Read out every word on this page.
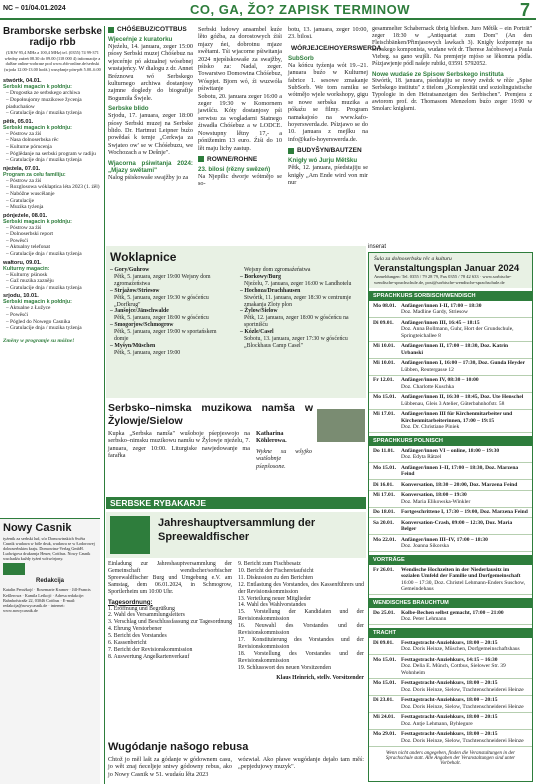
NC – 01/04.01.2024	CO, GA, ŽO? ZAPISK TERMINOW	7
Bramborske serbske radijo rbb
(UKW 95,4 MHz a 100,4 MHz) tel. (0355) 74 99-371 wšedny zaźeń 08.30 do 09.00 (118 000 4) informacije a dalšne online-wobrase pod www.rbb-online.de/serbski (srjoda 12.00-13.00 hodź.) wusyłanje pón-pět 5.00–6.00
stwórtk, 04.01.
Serbski magacin k połdnju:
– Drogostka ze serbskego archiwa
– Dopołnujomy muzikowe žycenja piaduchańow
– Gratulacije dnja / muzika tyźenja
pětk, 05.01.
Serbski magacin k połdnju:
– Póstrow za źiś
– Nasa dolnoserbska rěc
– Kulturne pórucenja
– Póglědanje na serbski program w radiju
– Gratulacije dnja / muzika tyźenja
njeźela, 07.01.
Program za cełu familiju:
– Póstrow za źiś
– Rozglosowa wóklaptica léta 2023 (1. źěl)
– Nabóžne wuscělanje
– Gratulacije
– Muzika tyźenja
pónjeźele, 08.01.
Serbski magacin k połdnju:
– Póstrow za źiś
– Dolnoserbski report
– Powěsći
– Aktualny telefonat
– Gratulacije dnja / muzika tyźenja
wałtoru, 09.01.
Kulturny magacin:
– Kulturny pśinosk
– Gaž muzika zazněju
– Gratulacije dnja / muzika tyźenja
srjodu, 10.01.
Serbski magacin k połdnju:
– Aktualne z Łužyce
– Powěsći
– Pógled do Nowego Casnika
– Gratulacije dnja / muzika tyźenja
Změny w programje su móžne!
Nowy Casnik
tyźenik za serbski lud, sćo Domowinskich Swěta Casnik wudawa w bóle druk, wudawa se w Łodorowej dolnoserbskim kraju. Domowina-Verlag GmbH. Ludwigova drukarnja Heuer, Cottbus. Nowy Casnik wuchadźa kuždy tyźeń wótwórjony.
Redakcija
Katalin Peroźkojć · Rosemarie Kramer · Jill-Francis Keßlerowa · Kamila Leśkojć · Adresa redakcije: Bahnhofstraße 22, 03046 Cottbus · E-mail: redakcija@nowycasnik.de · internet: www.nowycasnik.de
CHÓŚEBUZ/COTTBUS
Wjeceŕnje z kuratorku
Njeźelu, 14. januara, zeger 15:00 pśosy Serbski muzej Chóśebuz na wjeceŕnje pó aktualnej wósebnej wustajeńcy. W dialogu z dr. Annet Bréznowu wó Serbskego kulturnego archiwa dostanjosy zajmne dogledy do biografije Bogumiła Šwjele.
Serbske blido
Srjodu, 17. januara, zeger 18:00 pśosy Serbski muzej na Serbske blido. Dr. Hartmut Leipner buźo powědaś k temje „Cerkwja za Swjateo ow' se w Chóśebuzu, we Wochozach a w Dešnje".
Wjacorna pśiwitanja 2024: „Mjazy swětami"
Nalog pśiskowaše swajžby jo za
Serbski ludowy ansambel kuźe lěto góźba, za dorostowych źiśi mjazy ńei, dobrotnu mjaze swětami. Tśi wjacorne pśiwitanja 2024 njepśiskowaše za swajžby, pśisko za: Nadal, zeger. Towarstwo Domowina Chóśebuz, Wóspjet. Bjorn wó, źi wuzwóla pśiwitanje
Sobotu, 20. januara zeger 16:00 a zeger 19:30 w Komornem jawišću. Kóty dostanjosy pśi serwisu za wogladarni Statnego źiwadła Chóśebuz a w LODCE. Nowstupny lětny 17,- a pónižemim 13 euro. Źiśi do 10 lět maju lichy zastup.
ROWNE/ROHNE
23. bilosi (rězny swězeń)
Na Njepilic dworje wótmějo se so-
botu, 13. januara, zeger 10:00, 23. bilosi.
WÓRJEJCE/HOYERSWERDA
SubSorb
Na kóńcu tyźenja wót 19.–21. januara buźo w Kulturnej fabrice 1. sesowe zmakanje SubSorb. We tom ramiku se wótmějo wjele workshopy, gigu se nowe serbska muzika a pókaźu se filmy. Program namakajośo na www.kafo-hoyerswerda.de. Pśizjawo se do 10. januara z mejlku na info@kafo-hoyerswerda.de.
BUDYŠYN/BAUTZEN
Knigły wó Jurju Mětšku
Pětk, 12. januara, pśedstajiju se knigły „Am Ende wird von mir nur
gesammelter Schabernack übrig bleiben. Juro Mětšk – ein Porträt" zeger 18:30 w „Antiquariat zum Dom" (An den Fleischbänken/Přimjasowych lawkach 3). Knigły koźpomnje na serbskego komponista, wudane wót dr. Therese Jaćobsowej a Paula Viebeg. sa gano wujšli. Na premjerje mjóso se lěkomna pódla. Pśizjawjenje pódl našeje rubiki, 03591 5792052.
Nowe wudaśe ze Spisow Serbskego instituta
Stwórtk, 18. januara, pśedstajiju se nowy zwězk w rěźe „Spise Serbskego institutu" z titelom „Komplexität und soziolinguistische Typologie in den Heiratsanzeigen des Serbischen". Premjera z awtorom prof. dr. Thomasom Menzelom buźo zeger 19:00 w Smolarc knigłarni.
inserat
Šula za dolnoserbsku rěc a kulturu
Veranstaltungsplan Januar 2024
Anmeldungen: Tel. 0355 / 79 28 79, Fax 0355 / 78 42 633 · www.sorbische-wendische-sprachschule.de, post@sorbische-wendische-sprachschule.de
SPRACHKURS SORBISCH/WENDISCH
Mo 08.01. Anfänger/innen I-II, 17:00 – 18:30
Doz. Madline Gardy, Striesow
Di 09.01.	Anfänger/innen III, 16:45 – 18:15
Doz. Anna Bollmann, Guhr, Hort der Grundschule, Springteichallee 8
Mi 10.01.	Anfänger/innen II, 17:00 – 18:30, Doz. Katrin Urbanski
Mi 10.01.	Anfänger/innen I, 16:00 – 17:30, Doz. Gunda Heyder
Lübben, Reutergasse 12
Fr 12.01.	Anfänger/innen IV, 08:30 – 10:00
Doz. Charlotte Kuschka
Mo 15.01. Anfänger/innen II, 16:30 – 18:45, Doz. Ute Henschel
Lübbenau, Gleis 3 Atelier, Güterbahnhofstr. 58
Mi 17.01.	Anfänger/innen III für Kirchenmitarbeiter und Kirchenmitarbeiterinnen, 17:00 – 19:15
Doz. Dr. Christiane Piniek
SPRACHKURS POLNISCH
Do 11.01.	Anfänger/innen VI – online, 18:00 – 19:30
Doz. Edyta Rätzel
Mo 15.01. Anfänger/innen I–II, 17:00 – 18:30, Doz. Marzena Feind
Di 16.01.	Konversation, 18:30 – 20:00, Doz. Marzena Feind
Mi 17.01.	Konversation, 18:00 – 19:30
Doz. Maria Elikowska-Winkler
Do 18.01.	Fortgeschrittene I, 17:30 – 19:00, Doz. Marzena Feind
Sa 20.01.	Konversation-Crash, 09:00 – 12:30, Doz. Maria Belger
Mo 22.01. Anfänger/innen III–IV, 17:00 – 18:30
Doz. Joanna Sikorska
VORTRÄGE
Fr 26.01.	Wendische Hochzeiten in der Niederlausitz im sozialen Umfeld der Familie und Dorfgemeinschaft
16:00 – 17:30, Doz. Christel Lehmann-Enders Suschow, Gemeindehaus
WENDISCHES BRAUCHTUM
Do 25.01.	Kolbe-Bechen selbst gemacht, 17:00 – 21:00
Doz. Peter Lehmann
TRACHT
Di 09.01.	Festtagstracht-Anziehkurs, 18:00 – 20:15
Doz. Doris Heinze, Müschen, Dorfgemeinschaftshaus
Mo 15.01. Festtagstracht-Anziehkurs, 14:15 – 16:30
Doz. Delia E. Münch, Cottbus, Sielower Str. 39 Wohnheim
Mo 15.01. Festtagstracht-Anziehkurs, 18:00 – 20:15
Doz. Doris Heinze, Sielow, Trachtenschneiderei Heinze
Di 23.01.	Festtagstracht-Anziehkurs, 18:00 – 20:15
Doz. Doris Heinze, Sielow, Trachtenschneiderei Heinze
Mi 24.01.	Festtagstracht-Anziehkurs, 18:00 – 20:15
Doz. Antje Lehmann, Byhlegure
Mo 29.01. Festtagstracht-Anziehkurs, 18:00 – 20:15
Doz. Doris Heinze, Sielow, Trachtenschneiderei Heinze
Wenn nicht anders angegeben, finden die Veranstaltungen in der Sprachschule statt. Alle Angaben der Veranstaltungen sind unter Vorbehalt.
Woklapnice
– Gory/Guhrow
Pětk, 5. januara, zeger 19:00 Wejsny dom zgromaźeństwa
– Strjažow/Striesow
Pětk, 5. januara, zeger 19:30 w gósćeńcu „Dorfkrug"
– Janšojce/Jänschwalde
Pětk, 5. januara, zeger 18:00 w gósćeńcu
– Smogorjow/Schmogrow
Pětk, 5. januara, zeger 19:00 w sportańskem domje
– Myšyn/Müschen
Pětk, 5. januara, zeger 19:00
Wejsny dom zgromaźeństwa
– Borkowy/Burg
Njeźelu, 7. januara, zeger 16:00 w Landhotelu
– Hochoza/Drachhausen
Stwórtk, 11. januara, zeger 18:30 w centrumje zmakanja Zloty plon
– Žylow/Sielow
Pětk, 12. januara, zeger 18:00 w gósćeńcu na sportnišću
– Kózle/Casel
Sobotu, 13. januara, zeger 17:30 w gósćeńcu „Blockhaus Camp Casel"
Serbsko–nimska muzikowa namša w Žylowje/Sielow
Kupka „Serbska namša" wušoboje pśepjeswojo na serbsko–nimsku muzikowu namšu w Žylowje njeźelu, 7. januara, zeger 10:00. Liturgiske nawjedowanje ma farařka
Katharina Köhlerowa.
Wykne su wšyjko wutšobnje pśepšosone.
SERBSKE RYBAKARJE
Jahreshauptversammlung der Spreewaldfischer
Einladung zur Jahreshauptversammlung der Gemeinschaft wendischer/sorbischer Spreewaldfischer Burg und Umgebung e.V. am Samstag, dem 06.01.2024, in Schmogrow, Sportlerheim um 10:00 Uhr.
Tagesordnung:
1. Eröffnung und Begrüßung
2. Wahl des Versammlungsleiters
3. Verschlag und Beschlussfassung zur Tagesordnung
4. Ehrung Verstorbener
5. Bericht des Vorstandes
6. Kassenbericht
7. Bericht der Revisionskommission
8. Auswertung Angelkartenverkauf
9. Bericht zum Fischbesatz
10. Bericht der Fischereiaufsicht
11. Diskussion zu den Berichten
12. Entlastung des Vorstandes, des Kassenführers und der Revisionskommission
13. Verteilung neuer Mitglieder
14. Wahl des Wahlvorstandes
15. Vorstellung der Kandidaten und der Revisionskommission
16. Neuwahl des Vorstandes und der Revisionskommission
17. Konstituierung des Vorstandes und der Revisionskommission
18. Vorstellung des Vorstandes und der Revisionskommission
19. Schlusswort des neuen Vorsitzenden
Klaus Heinrich, stellv. Vorsitzender
Wugódanje našogo rebusa
Chtož jo měl lašt za gódanje w gódownem casu, jo wět znaj ńeceljeje sniwy gódowny rebus, ako jo Nowy Casnik w 51. wudaśu lěta 2023
wózwiał. Ako pławe wugódanje dejało tam měś: „pepjedujowy muzyk".
